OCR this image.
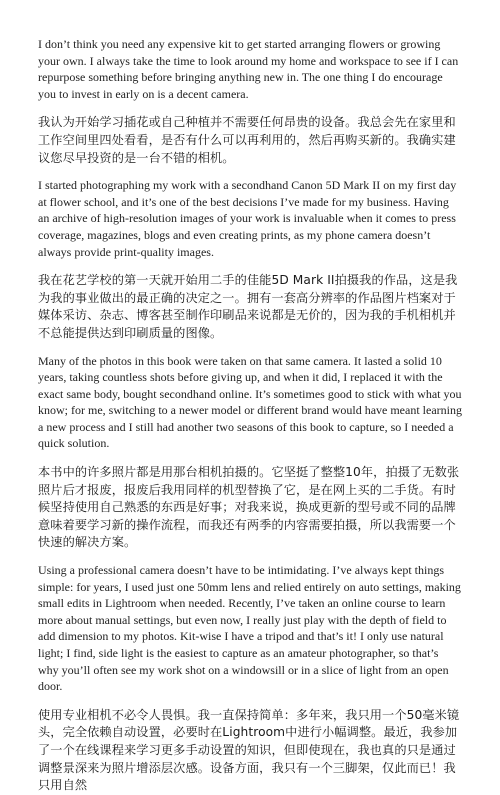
I don’t think you need any expensive kit to get started arranging flowers or growing your own. I always take the time to look around my home and workspace to see if I can repurpose something before bringing anything new in. The one thing I do encourage you to invest in early on is a decent camera.

我认为开始学习插花或自己种植并不需要任何昂贵的设备。我总会先在家里和工作空间里四处看看，是否有什么可以再利用的，然后再购买新的。我确实建议您尽早投资的是一台不错的相机。

I started photographing my work with a secondhand Canon 5D Mark II on my first day at flower school, and it’s one of the best decisions I’ve made for my business. Having an archive of high-resolution images of your work is invaluable when it comes to press coverage, magazines, blogs and even creating prints, as my phone camera doesn’t always provide print-quality images.

我在花艺学校的第一天就开始用二手的佳能5D Mark II拍摄我的作品，这是我为我的事业做出的最正确的决定之一。拥有一套高分辨率的作品图片档案对于媒体采访、杂志、博客甚至制作印刷品来说都是无价的，因为我的手机相机并不总能提供达到印刷质量的图像。

Many of the photos in this book were taken on that same camera. It lasted a solid 10 years, taking countless shots before giving up, and when it did, I replaced it with the exact same body, bought secondhand online. It’s sometimes good to stick with what you know; for me, switching to a newer model or different brand would have meant learning a new process and I still had another two seasons of this book to capture, so I needed a quick solution.

本书中的许多照片都是用那台相机拍摄的。它坚挺了整整10年，拍摄了无数张照片后才报废，报废后我用同样的机型替换了它，是在网上买的二手货。有时候坚持使用自己熟悉的东西是好事；对我来说，换成更新的型号或不同的品牌意味着要学习新的操作流程，而我还有两季的内容需要拍摄，所以我需要一个快速的解决方案。

Using a professional camera doesn’t have to be intimidating. I’ve always kept things simple: for years, I used just one 50mm lens and relied entirely on auto settings, making small edits in Lightroom when needed. Recently, I’ve taken an online course to learn more about manual settings, but even now, I really just play with the depth of field to add dimension to my photos. Kit-wise I have a tripod and that’s it! I only use natural light; I find, side light is the easiest to capture as an amateur photographer, so that’s why you’ll often see my work shot on a windowsill or in a slice of light from an open door.

使用专业相机不必令人畏惧。我一直保持简单：多年来，我只用一个50毫米镜头，完全依赖自动设置，必要时在Lightroom中进行小幅调整。最近，我参加了一个在线课程来学习更多手动设置的知识，但即使现在，我也真的只是通过调整景深来为照片增添层次感。设备方面，我只有一个三脚架，仅此而已！我只用自然
